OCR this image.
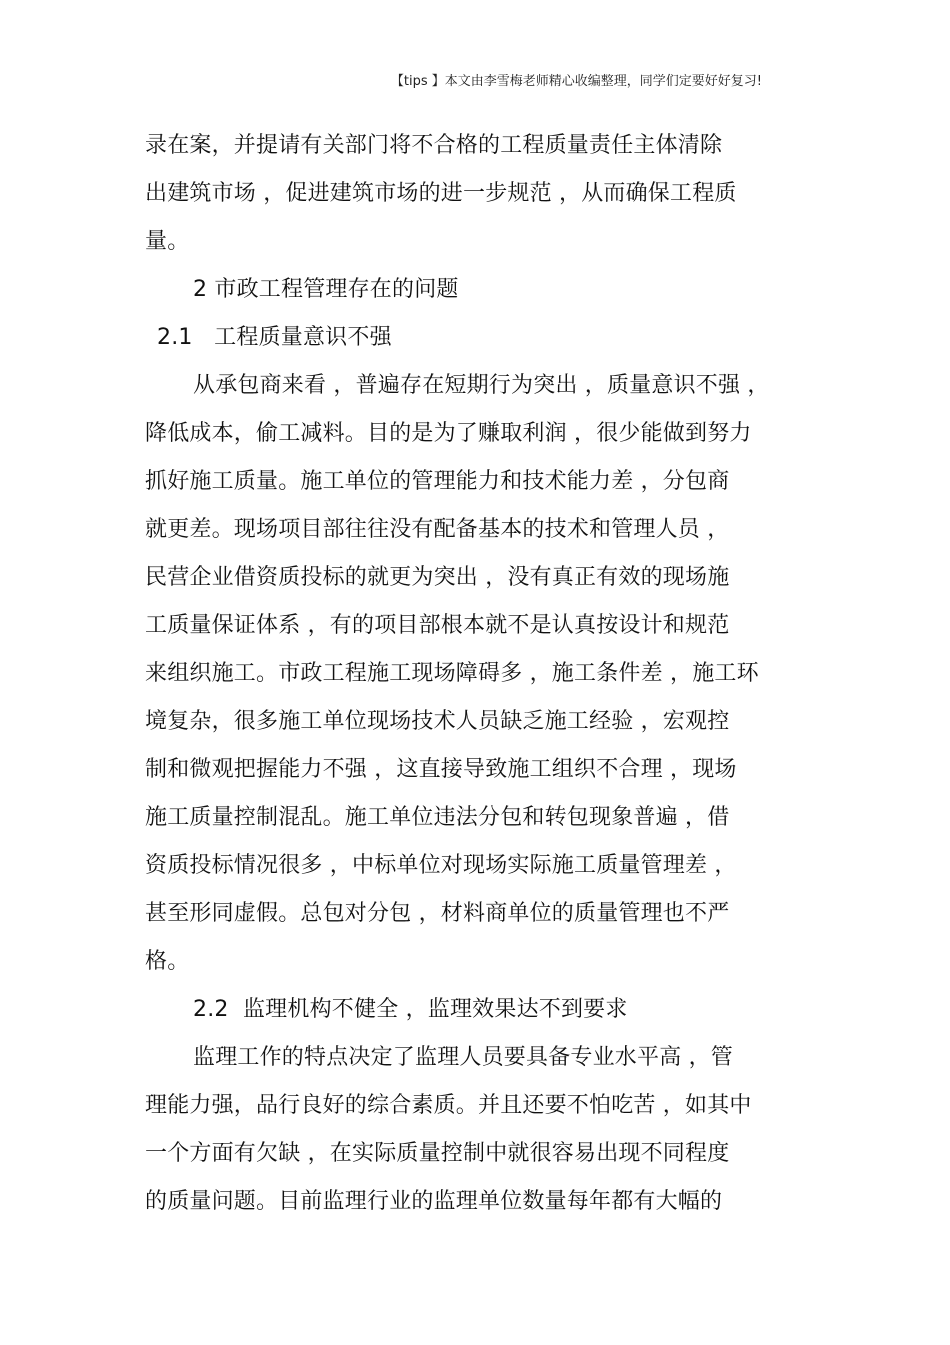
【tips 】本文由李雪梅老师精心收编整理，同学们定要好好复习!
录在案，并提请有关部门将不合格的工程质量责任主体清除
出建筑市场 ，促进建筑市场的进一步规范 ，从而确保工程质
量。
2 市政工程管理存在的问题
2.1   工程质量意识不强
从承包商来看 ，普遍存在短期行为突出 ，质量意识不强 ，
降低成本，偷工减料。目的是为了赚取利润 ，很少能做到努力
抓好施工质量。施工单位的管理能力和技术能力差 ，分包商
就更差。现场项目部往往没有配备基本的技术和管理人员 ，
民营企业借资质投标的就更为突出 ，没有真正有效的现场施
工质量保证体系 ，有的项目部根本就不是认真按设计和规范
来组织施工。市政工程施工现场障碍多 ，施工条件差 ，施工环
境复杂，很多施工单位现场技术人员缺乏施工经验 ，宏观控
制和微观把握能力不强 ，这直接导致施工组织不合理 ，现场
施工质量控制混乱。施工单位违法分包和转包现象普遍 ，借
资质投标情况很多 ，中标单位对现场实际施工质量管理差 ，
甚至形同虚假。总包对分包 ，材料商单位的质量管理也不严
格。
2.2  监理机构不健全 ，监理效果达不到要求
监理工作的特点决定了监理人员要具备专业水平高 ，管
理能力强，品行良好的综合素质。并且还要不怕吃苦 ，如其中
一个方面有欠缺 ，在实际质量控制中就很容易出现不同程度
的质量问题。目前监理行业的监理单位数量每年都有大幅的
